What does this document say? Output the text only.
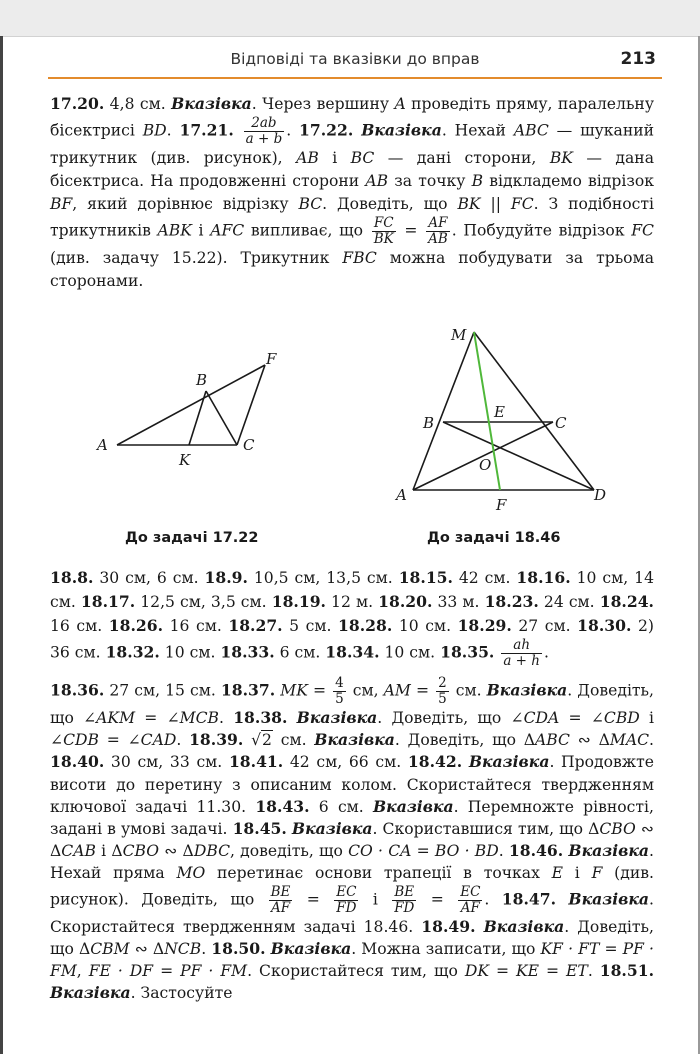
Відповіді та вказівки до вправ	213

17.20. 4,8 см. Вказівка. Через вершину A проведіть пряму, паралельну бісектрисі BD. 17.21. $\frac{2ab}{a + b}$ . 17.22. Вказівка. Нехай ABC — шуканий трикутник (див. рисунок), AB і BC — дані сторони, BK — дана бісектриса. На продовженні сторони AB за точку B відкладемо відрізок BF, який дорівнює відрізку BC. Доведіть, що BK || FC. З подібності трикутників ABK і AFC випливає, що $\frac{FC}{BK} = \frac{AF}{AB}$ . Побудуйте відрізок FC (див. задачу 15.22). Трикутник FBC можна побудувати за трьома сторонами.

A
B
F
K
C
До задачі 17.22
M
B
E
C
O
A
F
D
До задачі 18.46

18.8. 30 см, 6 см. 18.9. 10,5 см, 13,5 см. 18.15. 42 см. 18.16. 10 см, 14 см. 18.17. 12,5 см, 3,5 см. 18.19. 12 м. 18.20. 33 м. 18.23. 24 см. 18.24. 16 см. 18.26. 16 см. 18.27. 5 см. 18.28. 10 см. 18.29. 27 см. 18.30. 2) 36 см. 18.32. 10 см. 18.33. 6 см. 18.34. 10 см. 18.35. $\frac{ah}{a + h}$ .

18.36. 27 см, 15 см. 18.37. MK = $\frac{4}{5}$ см, AM = $\frac{2}{5}$ см. Вказівка. Доведіть, що ∠AKM = ∠MCB. 18.38. Вказівка. Доведіть, що ∠CDA = ∠CBD і ∠CDB = ∠CAD. 18.39. √2 см. Вказівка. Доведіть, що ΔABC ∾ ΔMAC. 18.40. 30 см, 33 см. 18.41. 42 см, 66 см. 18.42. Вказівка. Продовжте висоти до перетину з описаним колом. Скористайтеся твердженням ключової задачі 11.30. 18.43. 6 см. Вказівка. Перемножте рівності, задані в умові задачі. 18.45. Вказівка. Скориставшися тим, що ΔCBO ∾ ΔCAB і ΔCBO ∾ ΔDBC, доведіть, що CO · CA = BO · BD. 18.46. Вказівка. Нехай пряма MO перетинає основи трапеції в точках E і F (див. рисунок). Доведіть, що $\frac{BE}{AF} = \frac{EC}{FD}$ і $\frac{BE}{FD} = \frac{EC}{AF}$ . 18.47. Вказівка. Скористайтеся твердженням задачі 18.46. 18.49. Вказівка. Доведіть, що ΔCBM ∾ ΔNCB. 18.50. Вказівка. Можна записати, що KF · FT = PF · FM, FE · DF = PF · FM. Скористайтеся тим, що DK = KE = ET. 18.51. Вказівка. Застосуйте
